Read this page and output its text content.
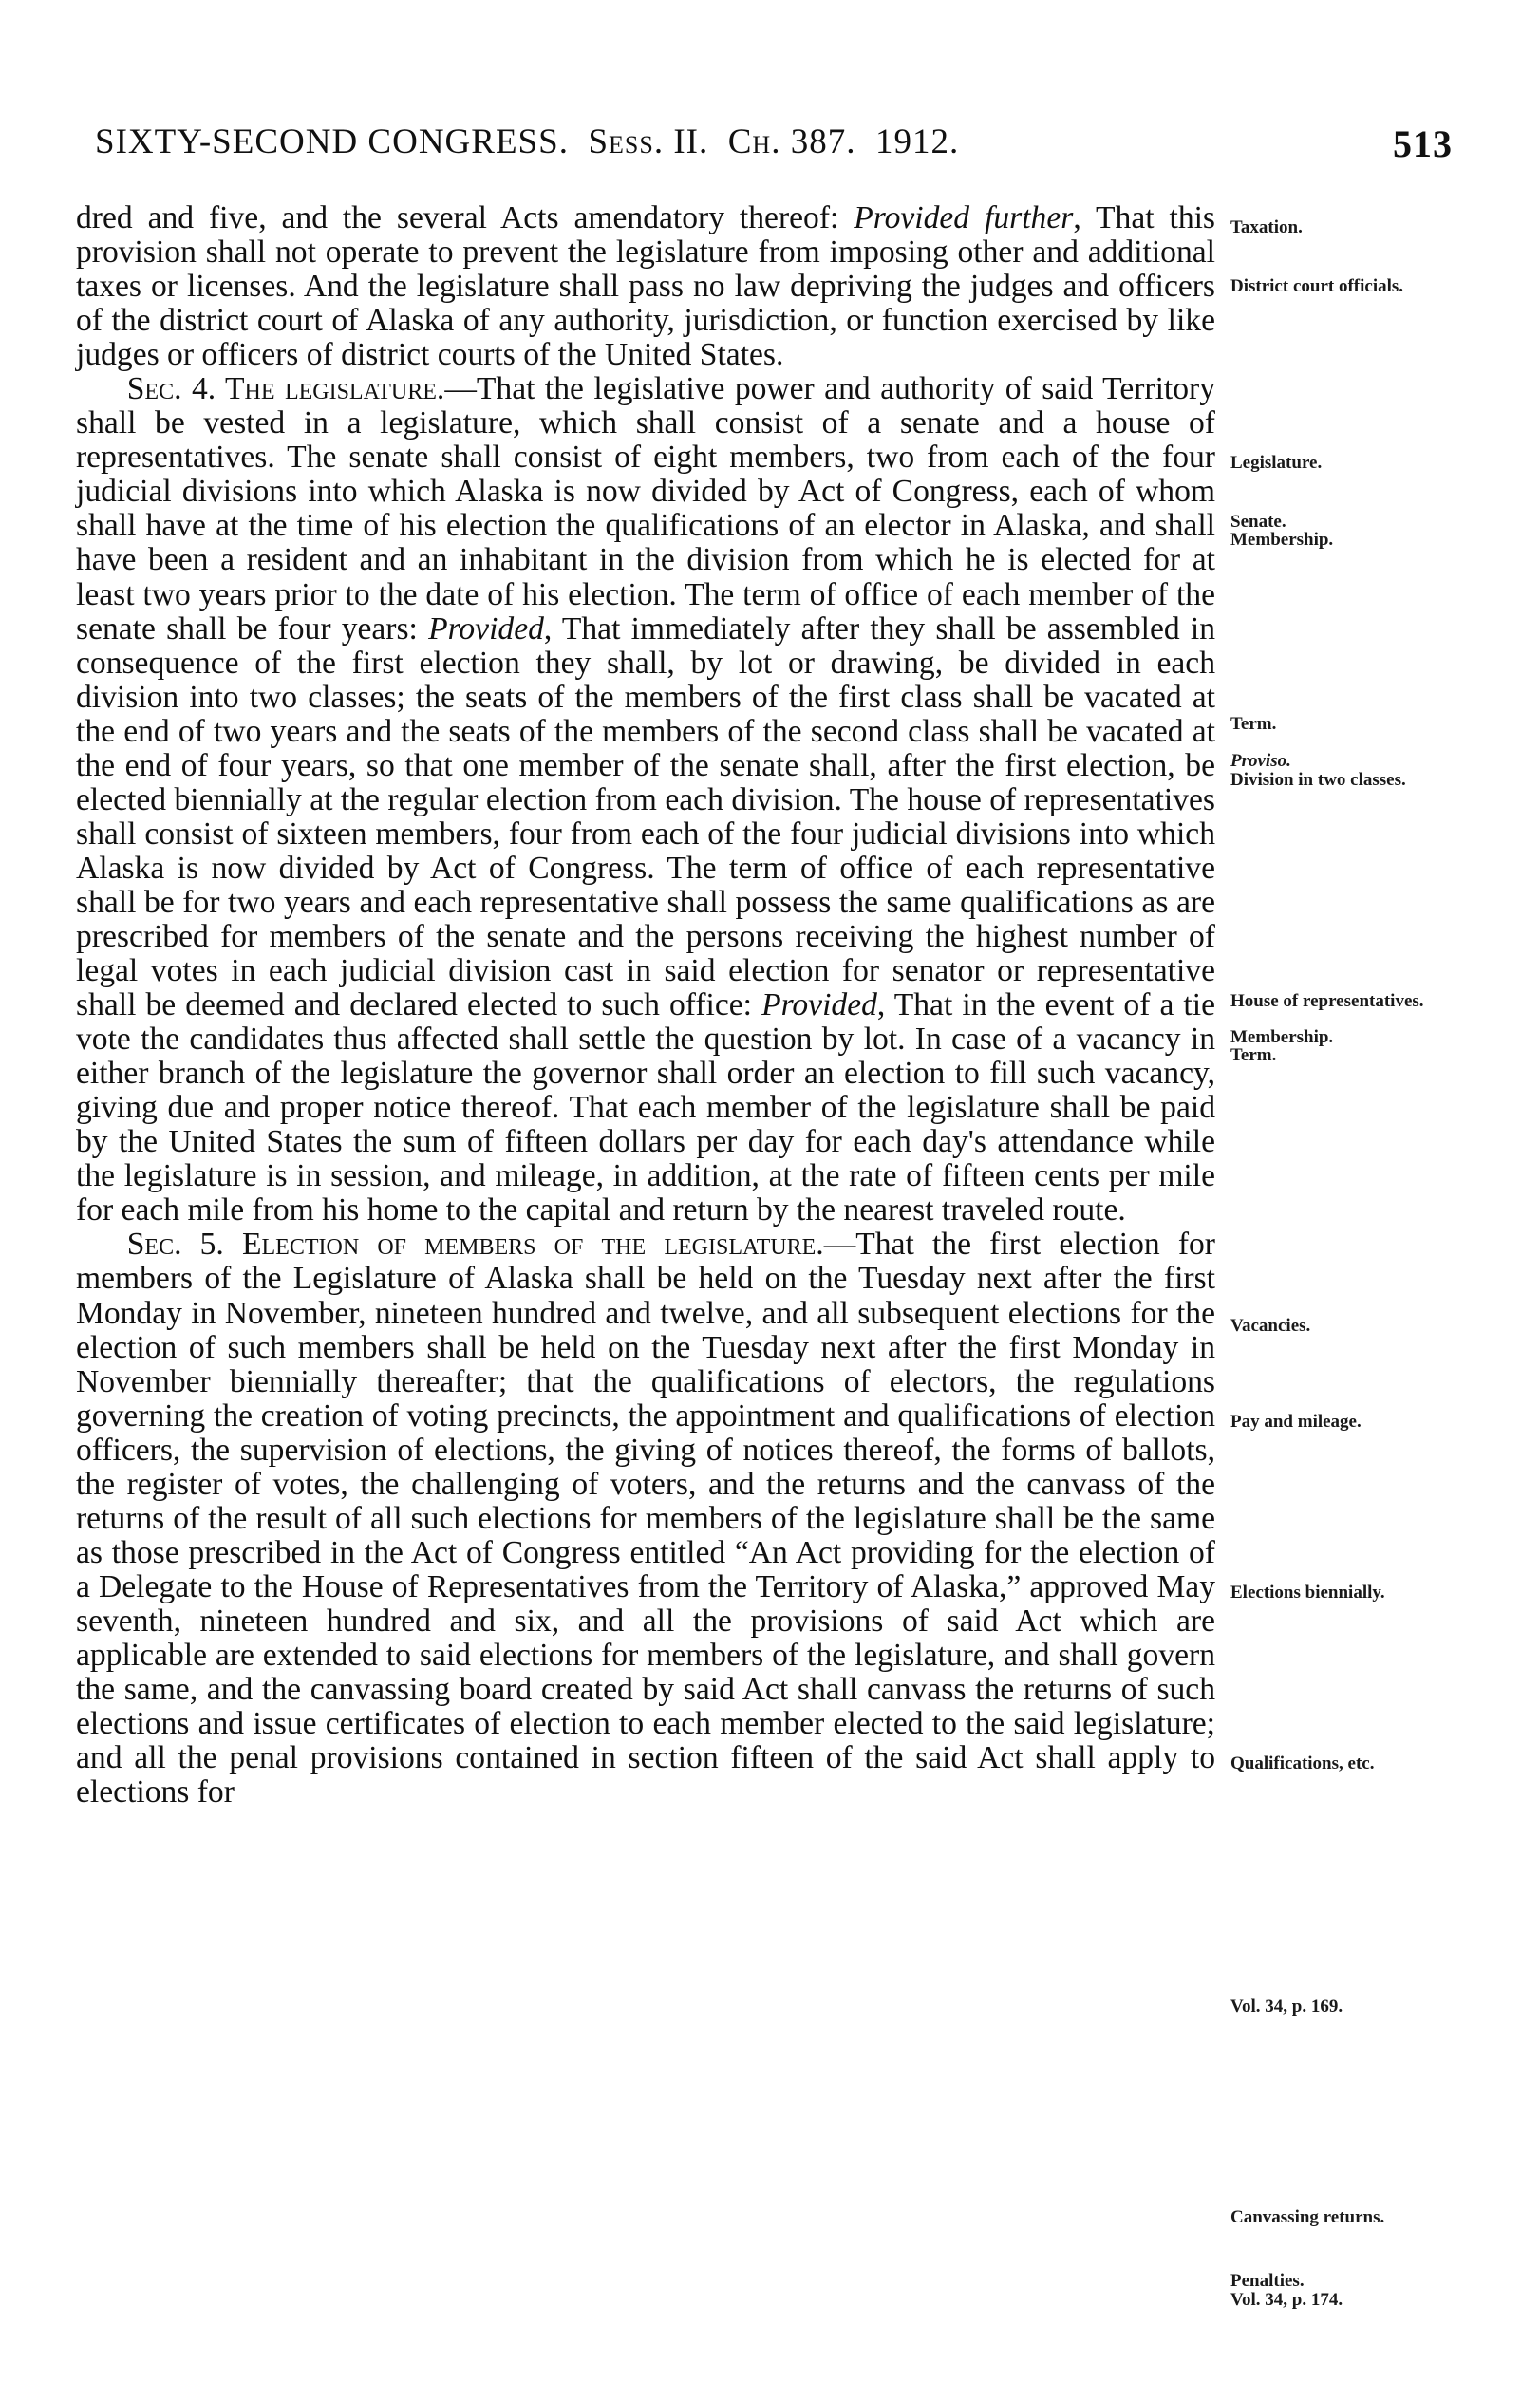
SIXTY-SECOND CONGRESS. Sess. II. Ch. 387. 1912.	513

dred and five, and the several Acts amendatory thereof: Provided further, That this provision shall not operate to prevent the legislature from imposing other and additional taxes or licenses. And the legislature shall pass no law depriving the judges and officers of the district court of Alaska of any authority, jurisdiction, or function exercised by like judges or officers of district courts of the United States.

Sec. 4. The legislature.—That the legislative power and authority of said Territory shall be vested in a legislature, which shall consist of a senate and a house of representatives. The senate shall consist of eight members, two from each of the four judicial divisions into which Alaska is now divided by Act of Congress, each of whom shall have at the time of his election the qualifications of an elector in Alaska, and shall have been a resident and an inhabitant in the division from which he is elected for at least two years prior to the date of his election. The term of office of each member of the senate shall be four years: Provided, That immediately after they shall be assembled in consequence of the first election they shall, by lot or drawing, be divided in each division into two classes; the seats of the members of the first class shall be vacated at the end of two years and the seats of the members of the second class shall be vacated at the end of four years, so that one member of the senate shall, after the first election, be elected biennially at the regular election from each division. The house of representatives shall consist of sixteen members, four from each of the four judicial divisions into which Alaska is now divided by Act of Congress. The term of office of each representative shall be for two years and each representative shall possess the same qualifications as are prescribed for members of the senate and the persons receiving the highest number of legal votes in each judicial division cast in said election for senator or representative shall be deemed and declared elected to such office: Provided, That in the event of a tie vote the candidates thus affected shall settle the question by lot. In case of a vacancy in either branch of the legislature the governor shall order an election to fill such vacancy, giving due and proper notice thereof. That each member of the legislature shall be paid by the United States the sum of fifteen dollars per day for each day's attendance while the legislature is in session, and mileage, in addition, at the rate of fifteen cents per mile for each mile from his home to the capital and return by the nearest traveled route.

Sec. 5. Election of members of the legislature.—That the first election for members of the Legislature of Alaska shall be held on the Tuesday next after the first Monday in November, nineteen hundred and twelve, and all subsequent elections for the election of such members shall be held on the Tuesday next after the first Monday in November biennially thereafter; that the qualifications of electors, the regulations governing the creation of voting precincts, the appointment and qualifications of election officers, the supervision of elections, the giving of notices thereof, the forms of ballots, the register of votes, the challenging of voters, and the returns and the canvass of the returns of the result of all such elections for members of the legislature shall be the same as those prescribed in the Act of Congress entitled “An Act providing for the election of a Delegate to the House of Representatives from the Territory of Alaska,” approved May seventh, nineteen hundred and six, and all the provisions of said Act which are applicable are extended to said elections for members of the legislature, and shall govern the same, and the canvassing board created by said Act shall canvass the returns of such elections and issue certificates of election to each member elected to the said legislature; and all the penal provisions contained in section fifteen of the said Act shall apply to elections for

Taxation.
District court officials.
Legislature.
Senate.
Membership.
Term.
Proviso.
Division in two classes.
House of representatives.
Membership.
Term.
Vacancies.
Pay and mileage.
Elections biennially.
Qualifications, etc.
Vol. 34, p. 169.
Canvassing returns.
Penalties.
Vol. 34, p. 174.
